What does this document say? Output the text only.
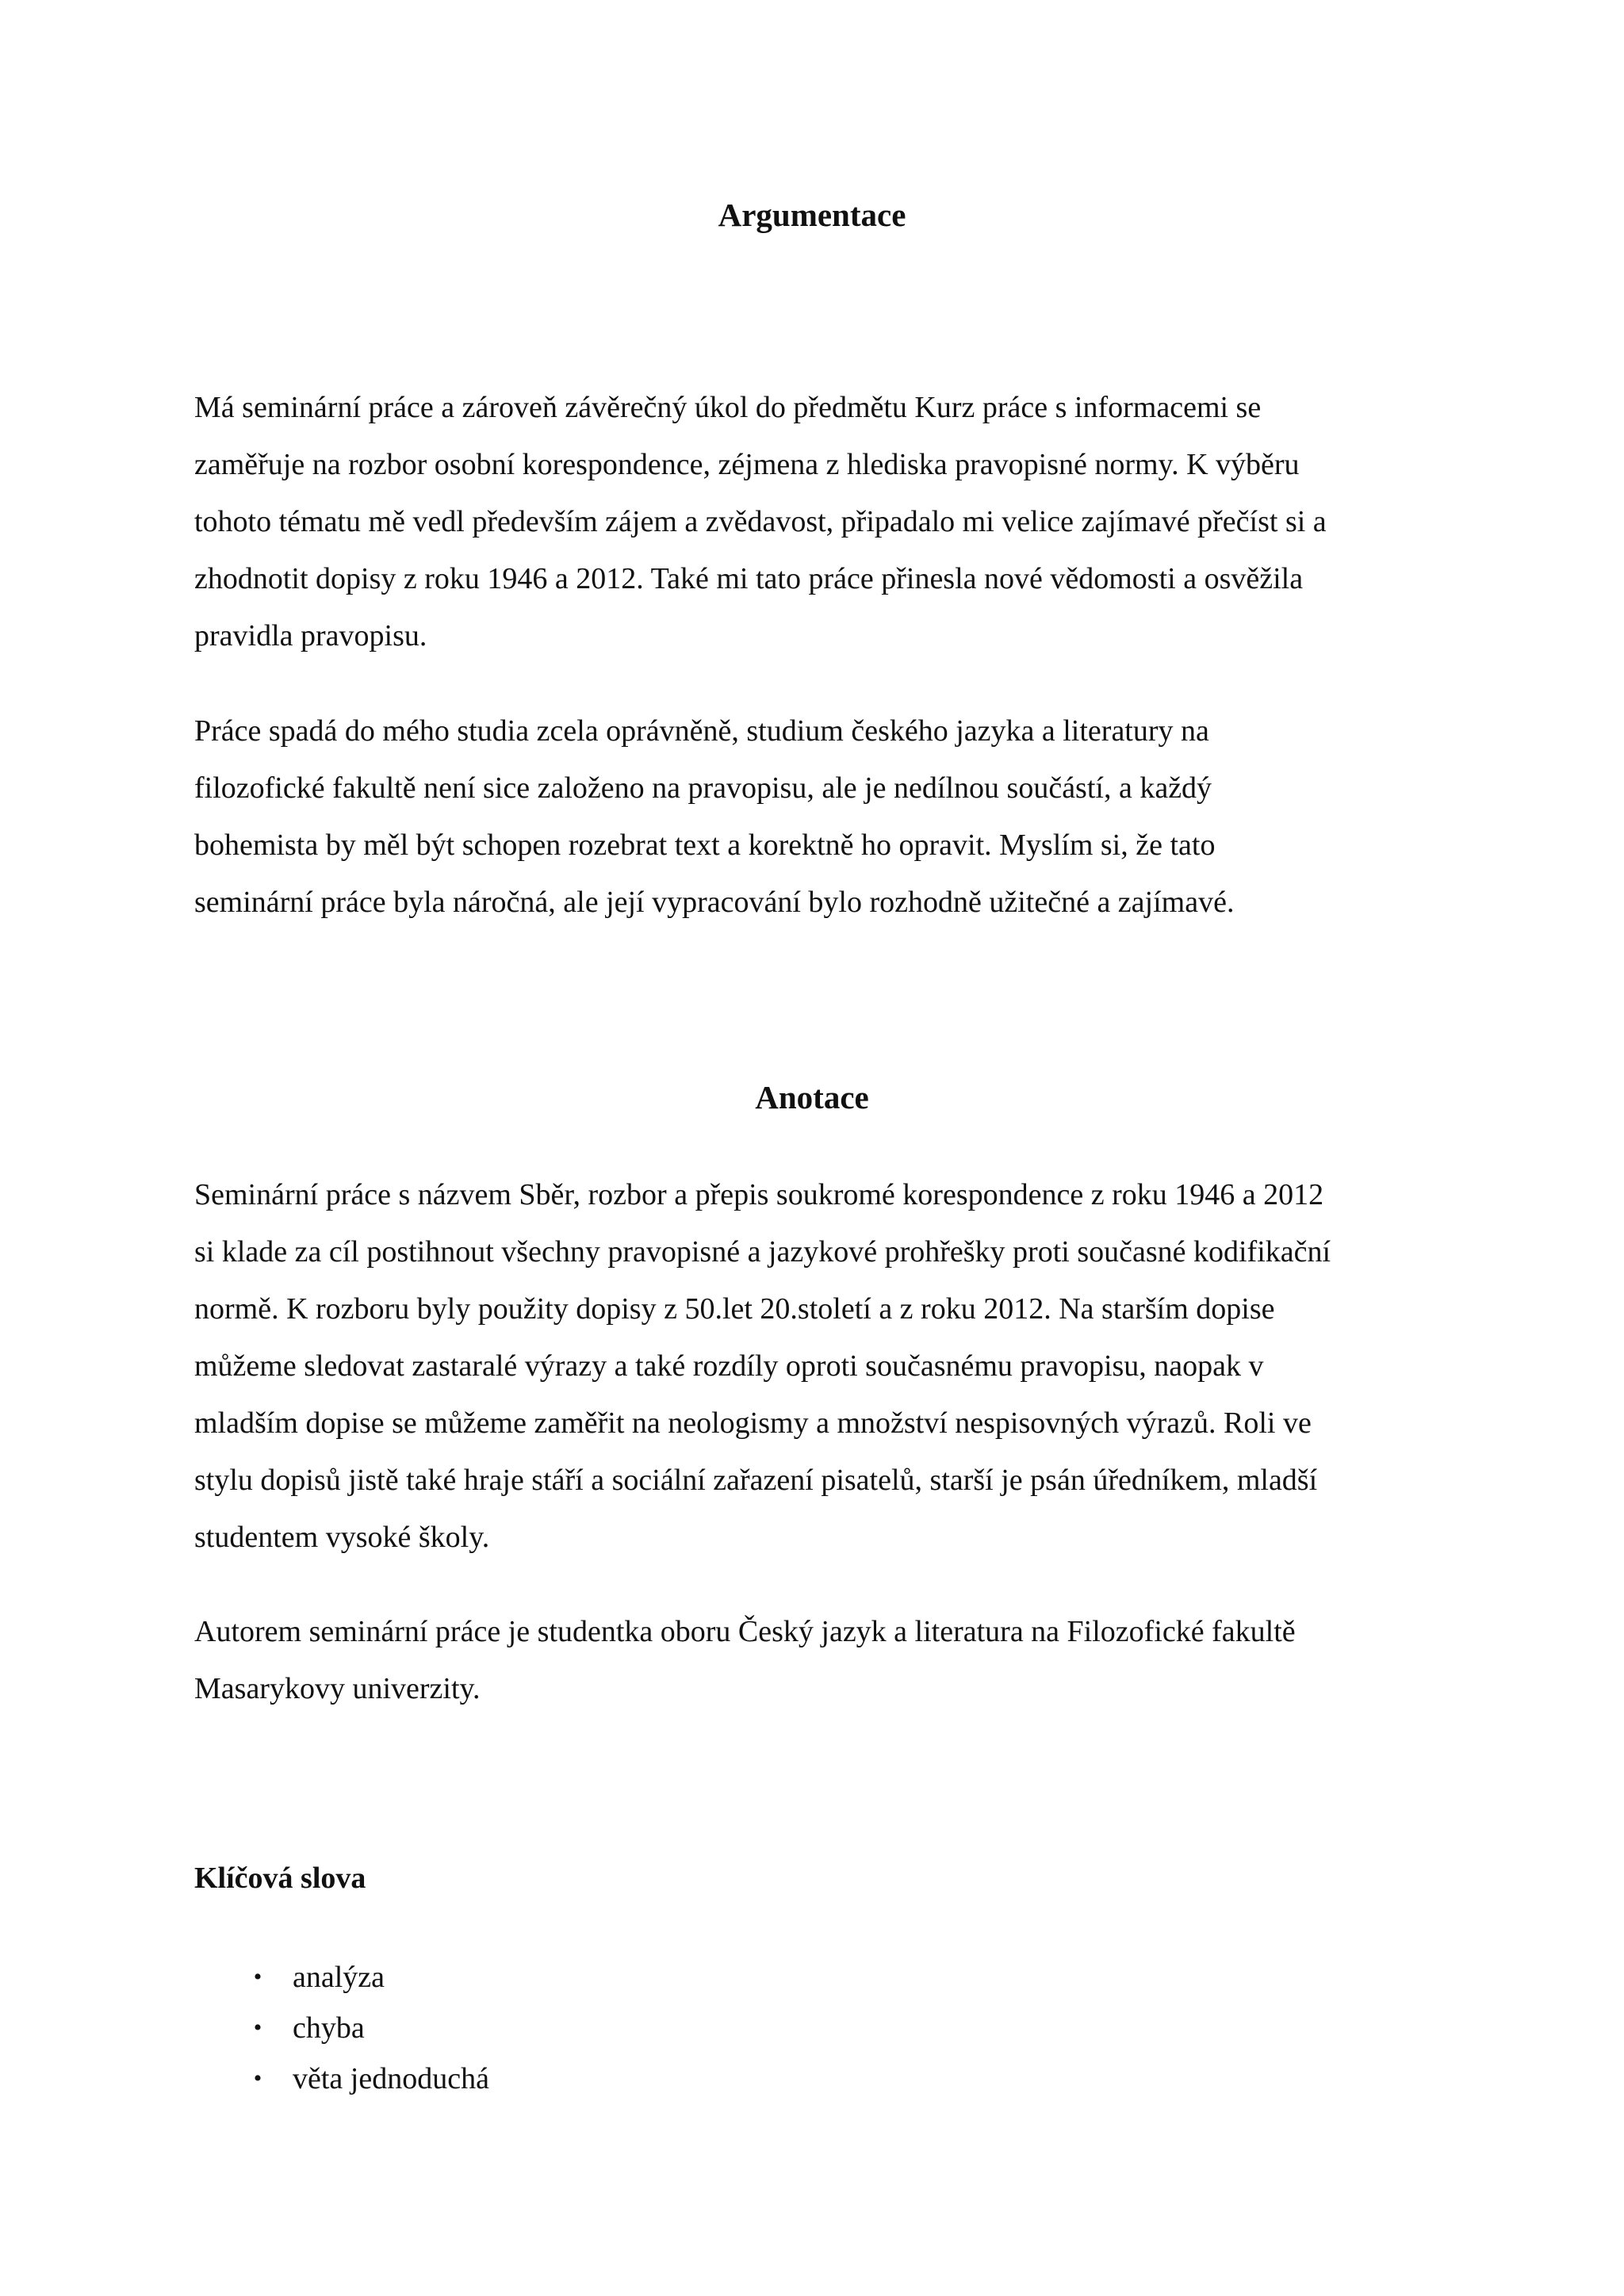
Argumentace

Má seminární práce a zároveň závěrečný úkol do předmětu Kurz práce s informacemi se
zaměřuje na rozbor osobní korespondence, zéjmena z hlediska pravopisné normy. K výběru
tohoto tématu mě vedl především zájem a zvědavost, připadalo mi velice zajímavé přečíst si a
zhodnotit dopisy z roku 1946 a 2012. Také mi tato práce přinesla nové vědomosti a osvěžila
pravidla pravopisu.

Práce spadá do mého studia zcela oprávněně, studium českého jazyka a literatury na
filozofické fakultě není sice založeno na pravopisu, ale je nedílnou součástí, a každý
bohemista by měl být schopen rozebrat text a korektně ho opravit. Myslím si, že tato
seminární práce byla náročná, ale její vypracování bylo rozhodně užitečné a zajímavé.

Anotace

Seminární práce s názvem Sběr, rozbor a přepis soukromé korespondence z roku 1946 a 2012
si klade za cíl postihnout všechny pravopisné a jazykové prohřešky proti současné kodifikační
normě. K rozboru byly použity dopisy z 50.let 20.století a z roku 2012. Na starším dopise
můžeme sledovat zastaralé výrazy a také rozdíly oproti současnému pravopisu, naopak v
mladším dopise se můžeme zaměřit na neologismy a množství nespisovných výrazů. Roli ve
stylu dopisů jistě také hraje stáří a sociální zařazení pisatelů, starší je psán úředníkem, mladší
studentem vysoké školy.

Autorem seminární práce je studentka oboru Český jazyk a literatura na Filozofické fakultě
Masarykovy univerzity.

Klíčová slova
• analýza
• chyba
• věta jednoduchá
